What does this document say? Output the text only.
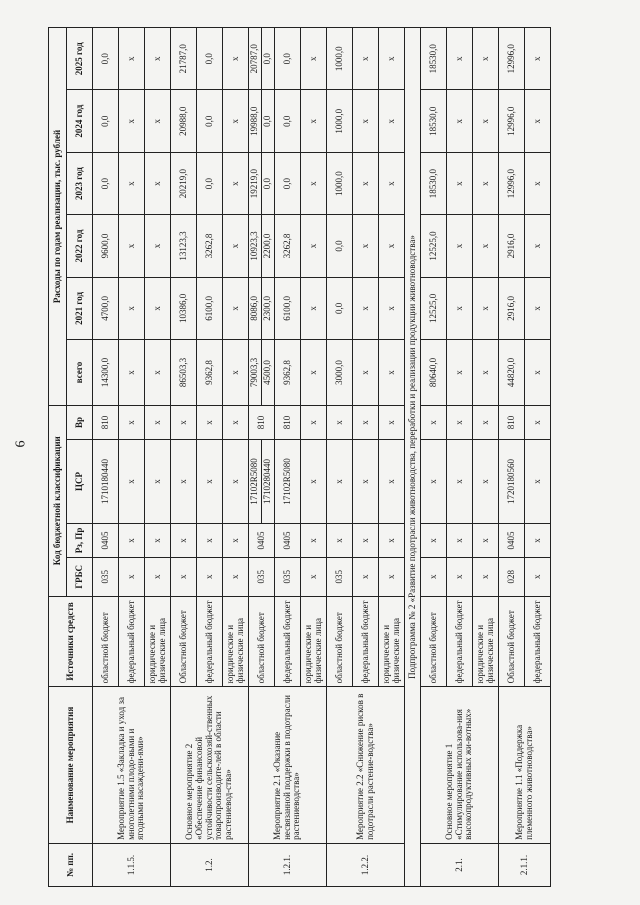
6
№ пп.	Наименование мероприятия	Источники средств	Код бюджетной классификации				Расходы по годам реализации, тыс. рублей					
			ГРБС	Рз, Пр	ЦСР	Вр	всего	2021 год	2022 год	2023 год	2024 год	2025 год
1.1.5.	Мероприятие 1.5 «Закладка и уход за многолетними плодо-выми и ягодными насаждени-ями»	областной бюджет	035	0405	1710180440	810	14300,0	4700,0	9600,0	0,0	0,0	0,0
		федеральный бюджет	х	х	х	х	х	х	х	х	х	х
		юридические и физические лица	х	х	х	х	х	х	х	х	х	х
1.2.	Основное мероприятие 2 «Обеспечение финансовой устойчивости сельскохозяй-ственных товаропроизводите-лей в области растениевод-ства»	Областной бюджет	х	х	х	х	86503,3	10386,0	13123,3	20219,0	20988,0	21787,0
		федеральный бюджет	х	х	х	х	9362,8	6100,0	3262,8	0,0	0,0	0,0
		юридические и физические лица	х	х	х	х	х	х	х	х	х	х
1.2.1.	Мероприятие 2.1 «Оказание несвязанной поддержки в подотрасли растениеводства»	областной бюджет	035	0405	17102R5080	810	79003,3	8086,0	10923,3	19219,0	19988,0	20787,0
					1710280440		4500,0	2300,0	2200,0	0,0	0,0	0,0
		федеральный бюджет	035	0405	17102R5080	810	9362,8	6100,0	3262,8	0,0	0,0	0,0
		юридические и физические лица	х	х	х	х	х	х	х	х	х	х
1.2.2.	Мероприятие 2.2 «Снижение рисков в подотрасли растение-водства»	областной бюджет	035	х	х	х	3000,0	0,0	0,0	1000,0	1000,0	1000,0
		федеральный бюджет	х	х	х	х	х	х	х	х	х	х
		юридические и физические лица	х	х	х	х	х	х	х	х	х	х
Подпрограмма № 2 «Развитие подотрасли животноводства, переработки и реализации продукции животноводства»												
2.1.	Основное мероприятие 1 «Стимулирование использова-ния высокопродуктивных жи-вотных»	областной бюджет	х	х	х	х	80640,0	12525,0	12525,0	18530,0	18530,0	18530,0
		федеральный бюджет	х	х	х	х	х	х	х	х	х	х
		юридические и физические лица	х	х	х	х	х	х	х	х	х	х
2.1.1.	Мероприятие 1.1 «Поддержка племенного животноводства»	Областной бюджет	028	0405	1720180560	810	44820,0	2916,0	2916,0	12996,0	12996,0	12996,0
		федеральный бюджет	х	х	х	х	х	х	х	х	х	х
